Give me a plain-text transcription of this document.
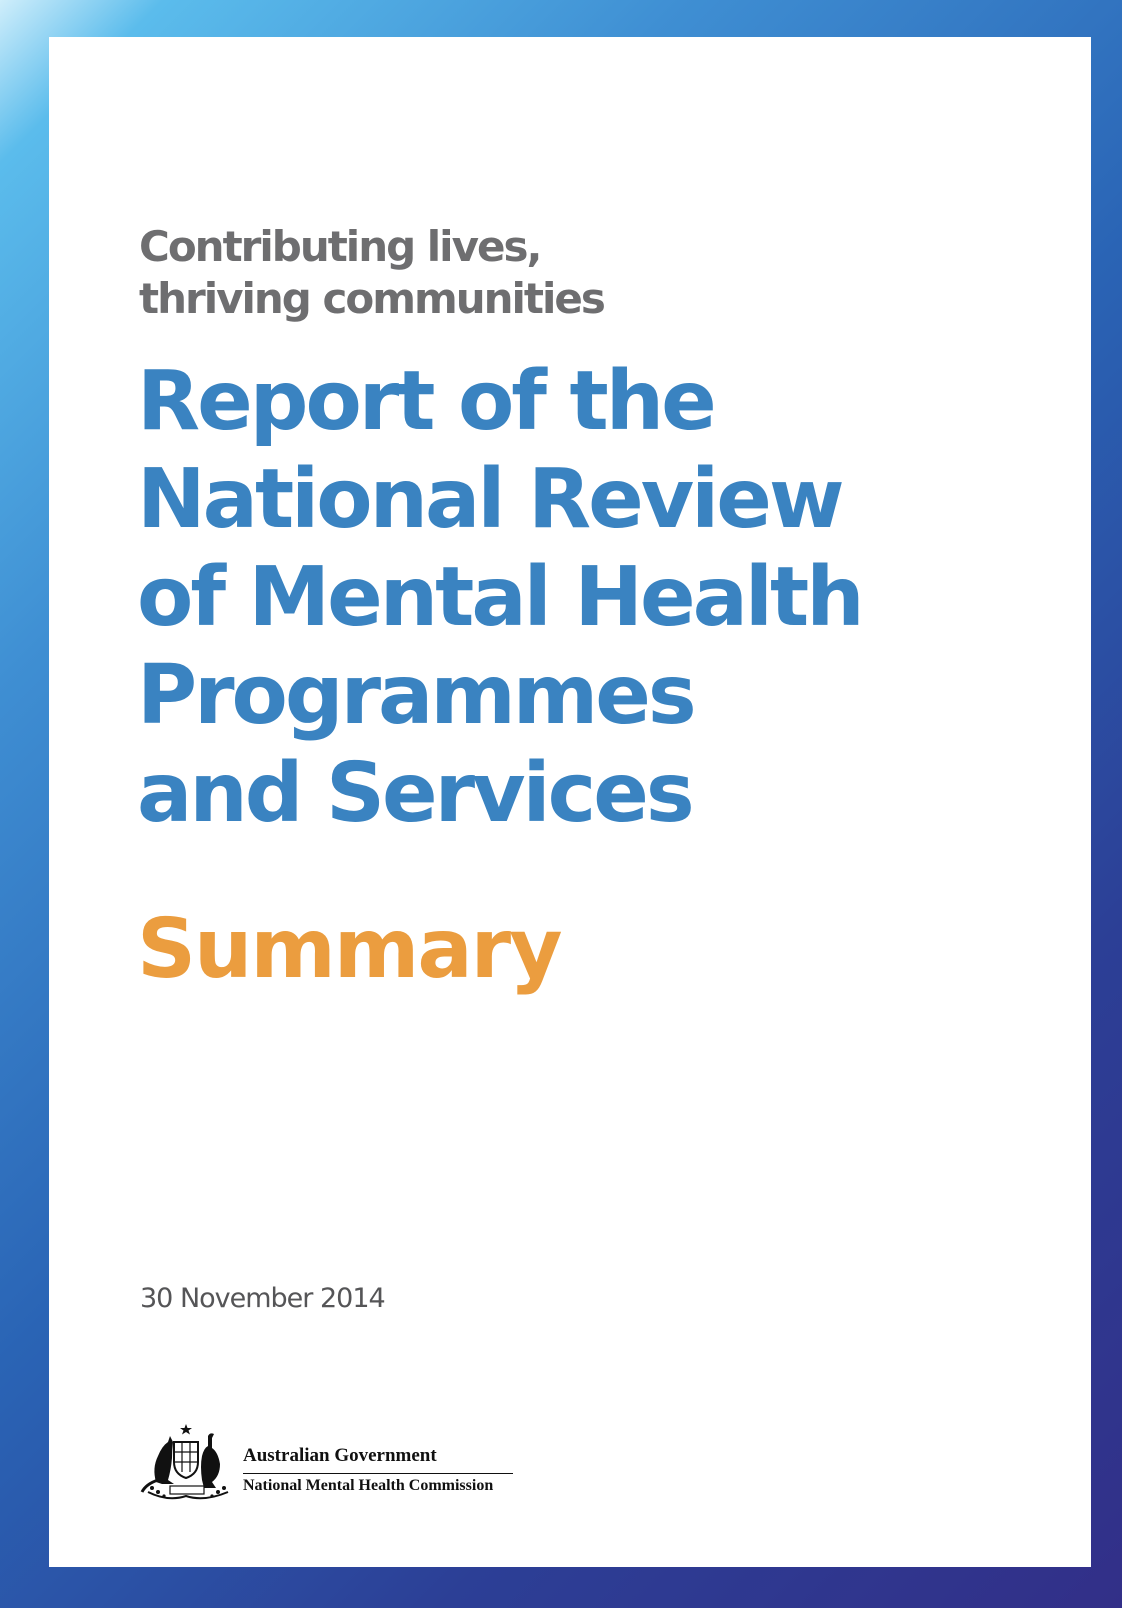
Contributing lives,
thriving communities
Report of the
National Review
of Mental Health
Programmes
and Services
Summary
30 November 2014
Australian Government
National Mental Health Commission
